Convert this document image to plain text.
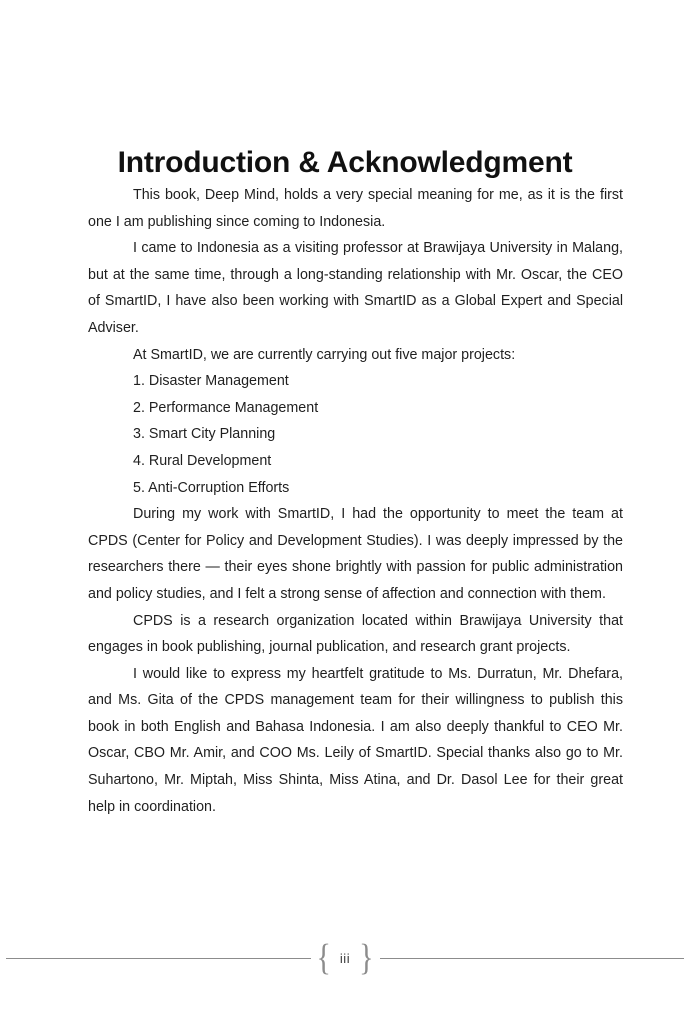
Introduction & Acknowledgment

This book, Deep Mind, holds a very special meaning for me, as it is the first one I am publishing since coming to Indonesia.

I came to Indonesia as a visiting professor at Brawijaya University in Malang, but at the same time, through a long-standing relationship with Mr. Oscar, the CEO of SmartID, I have also been working with SmartID as a Global Expert and Special Adviser.

At SmartID, we are currently carrying out five major projects:

1. Disaster Management
2. Performance Management
3. Smart City Planning
4. Rural Development
5. Anti-Corruption Efforts

During my work with SmartID, I had the opportunity to meet the team at CPDS (Center for Policy and Development Studies). I was deeply impressed by the researchers there — their eyes shone brightly with passion for public administration and policy studies, and I felt a strong sense of affection and connection with them.

CPDS is a research organization located within Brawijaya University that engages in book publishing, journal publication, and research grant projects.

I would like to express my heartfelt gratitude to Ms. Durratun, Mr. Dhefara, and Ms. Gita of the CPDS management team for their willingness to publish this book in both English and Bahasa Indonesia. I am also deeply thankful to CEO Mr. Oscar, CBO Mr. Amir, and COO Ms. Leily of SmartID. Special thanks also go to Mr. Suhartono, Mr. Miptah, Miss Shinta, Miss Atina, and Dr. Dasol Lee for their great help in coordination.

{ iii }
